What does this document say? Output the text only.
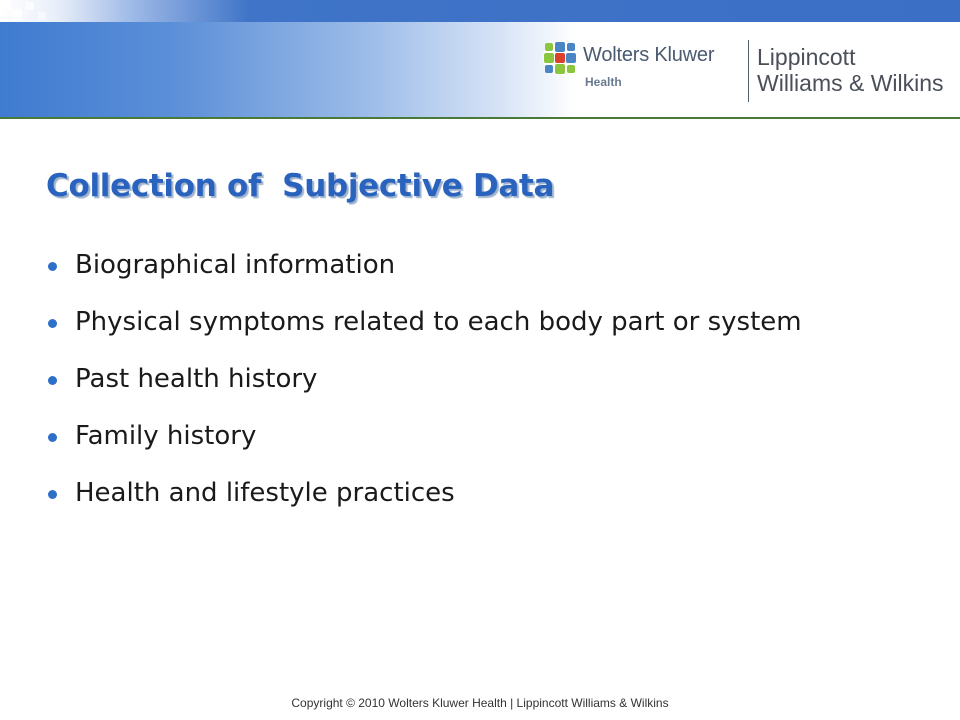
Wolters Kluwer
Health
Lippincott
Williams & Wilkins
Collection of  Subjective Data
Biographical information
Physical symptoms related to each body part or system
Past health history
Family history
Health and lifestyle practices
Copyright © 2010 Wolters Kluwer Health | Lippincott Williams & Wilkins
